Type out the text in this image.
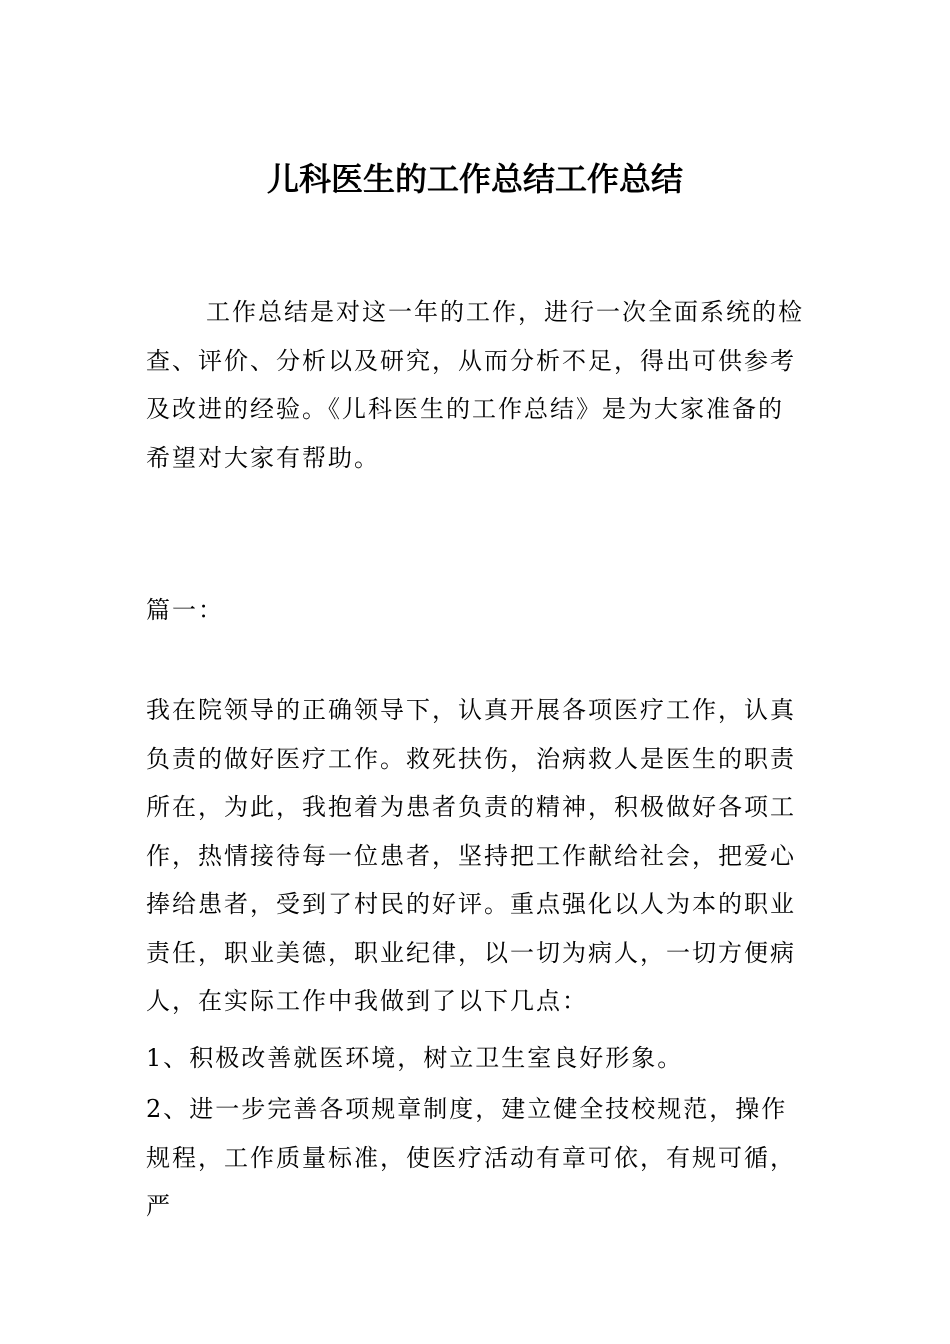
儿科医生的工作总结工作总结

工作总结是对这一年的工作，进行一次全面系统的检查、评价、分析以及研究，从而分析不足，得出可供参考及改进的经验。《儿科医生的工作总结》是为大家准备的希望对大家有帮助。

篇一：

我在院领导的正确领导下，认真开展各项医疗工作，认真负责的做好医疗工作。救死扶伤，治病救人是医生的职责所在，为此，我抱着为患者负责的精神，积极做好各项工作，热情接待每一位患者，坚持把工作献给社会，把爱心捧给患者，受到了村民的好评。重点强化以人为本的职业责任，职业美德，职业纪律，以一切为病人，一切方便病人，在实际工作中我做到了以下几点：

1、积极改善就医环境，树立卫生室良好形象。

2、进一步完善各项规章制度，建立健全技校规范，操作规程，工作质量标准，使医疗活动有章可依，有规可循，严
